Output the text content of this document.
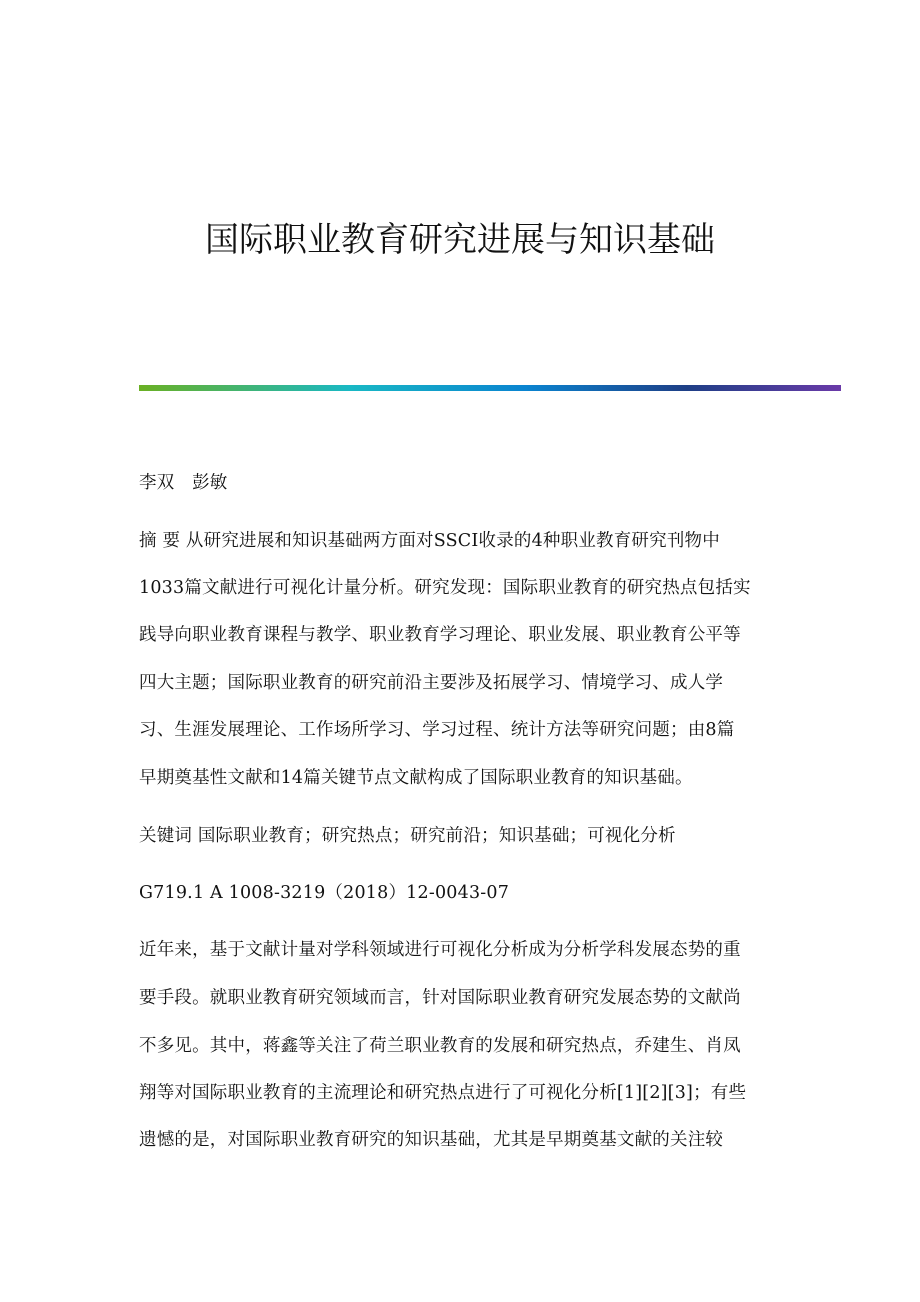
国际职业教育研究进展与知识基础
李双　彭敏
摘 要 从研究进展和知识基础两方面对SSCI收录的4种职业教育研究刊物中
1033篇文献进行可视化计量分析。研究发现：国际职业教育的研究热点包括实
践导向职业教育课程与教学、职业教育学习理论、职业发展、职业教育公平等
四大主题；国际职业教育的研究前沿主要涉及拓展学习、情境学习、成人学
习、生涯发展理论、工作场所学习、学习过程、统计方法等研究问题；由8篇
早期奠基性文献和14篇关键节点文献构成了国际职业教育的知识基础。
关键词 国际职业教育；研究热点；研究前沿；知识基础；可视化分析
G719.1 A 1008-3219（2018）12-0043-07
近年来，基于文献计量对学科领域进行可视化分析成为分析学科发展态势的重
要手段。就职业教育研究领域而言，针对国际职业教育研究发展态势的文献尚
不多见。其中，蒋鑫等关注了荷兰职业教育的发展和研究热点，乔建生、肖凤
翔等对国际职业教育的主流理论和研究热点进行了可视化分析[1][2][3]；有些
遗憾的是，对国际职业教育研究的知识基础，尤其是早期奠基文献的关注较
